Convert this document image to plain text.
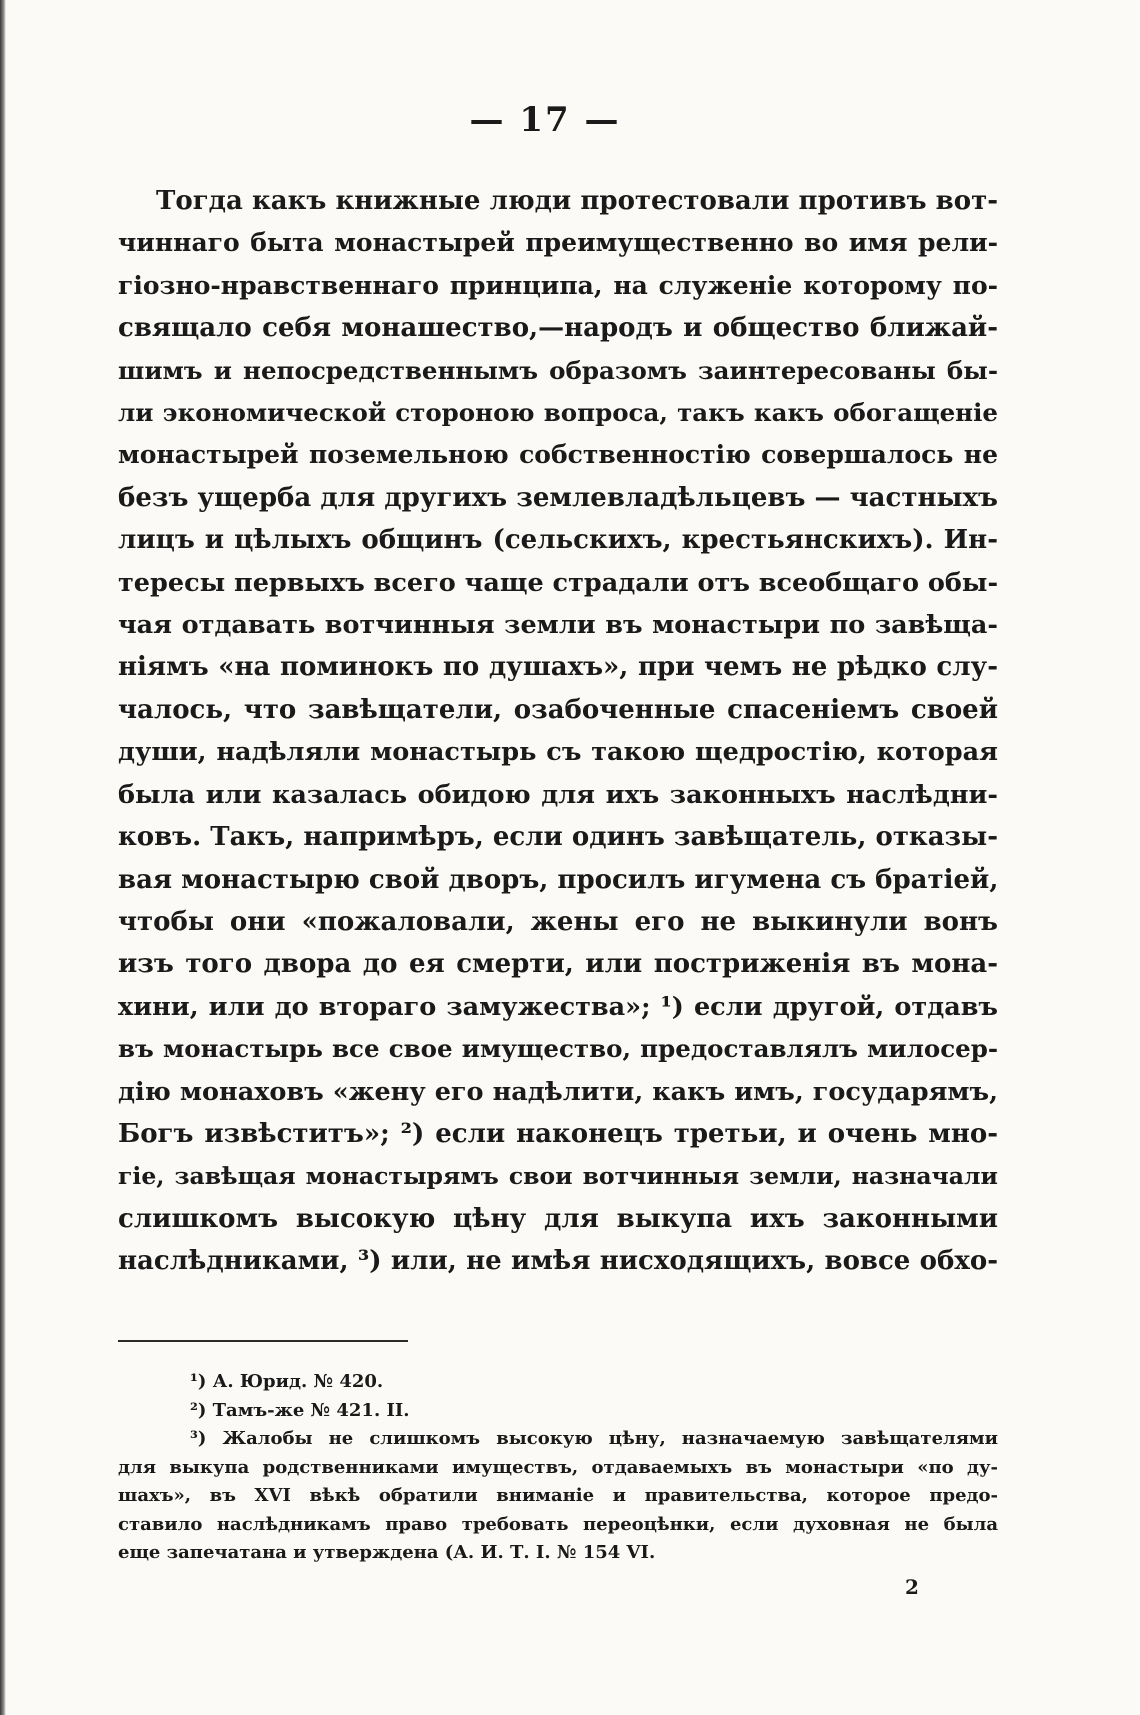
— 17 —
Тогда какъ книжные люди протестовали противъ вот-
чиннаго быта монастырей преимущественно во имя рели-
гiозно-нравственнаго принципа, на служенiе которому по-
свящало себя монашество,—народъ и общество ближай-
шимъ и непосредственнымъ образомъ заинтересованы бы-
ли экономической стороною вопроса, такъ какъ обогащенiе
монастырей поземельною собственностiю совершалось не
безъ ущерба для другихъ землевладѣльцевъ — частныхъ
лицъ и цѣлыхъ общинъ (сельскихъ, крестьянскихъ). Ин-
тересы первыхъ всего чаще страдали отъ всеобщаго обы-
чая отдавать вотчинныя земли въ монастыри по завѣща-
нiямъ «на поминокъ по душахъ», при чемъ не рѣдко слу-
чалось, что завѣщатели, озабоченные спасенiемъ своей
души, надѣляли монастырь съ такою щедростiю, которая
была или казалась обидою для ихъ законныхъ наслѣдни-
ковъ. Такъ, напримѣръ, если одинъ завѣщатель, отказы-
вая монастырю свой дворъ, просилъ игумена съ братiей,
чтобы они «пожаловали, жены его не выкинули вонъ
изъ того двора до ея смерти, или постриженiя въ мона-
хини, или до втораго замужества»; ¹) если другой, отдавъ
въ монастырь все свое имущество, предоставлялъ милосер-
дiю монаховъ «жену его надѣлити, какъ имъ, государямъ,
Богъ извѣститъ»; ²) если наконецъ третьи, и очень мно-
гiе, завѣщая монастырямъ свои вотчинныя земли, назначали
слишкомъ высокую цѣну для выкупа ихъ законными
наслѣдниками, ³) или, не имѣя нисходящихъ, вовсе обхо-
¹) А. Юрид. № 420.
²) Тамъ-же № 421. II.
³) Жалобы не слишкомъ высокую цѣну, назначаемую завѣщателями
для выкупа родственниками имуществъ, отдаваемыхъ въ монастыри «по ду-
шахъ», въ XVI вѣкѣ обратили вниманiе и правительства, которое предо-
ставило наслѣдникамъ право требовать переоцѣнки, если духовная не была
еще запечатана и утверждена (А. И. Т. I. № 154 VI.
2
